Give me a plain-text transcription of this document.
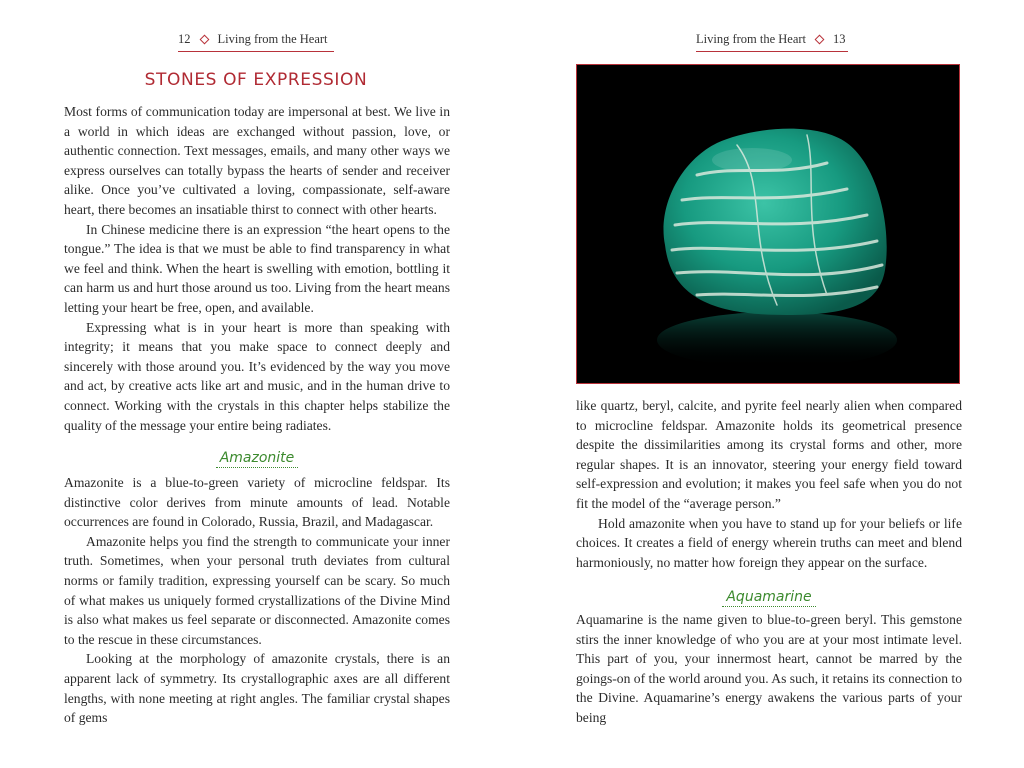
12 Living from the Heart
STONES OF EXPRESSION

Most forms of communication today are impersonal at best. We live in a world in which ideas are exchanged without passion, love, or authentic connection. Text messages, emails, and many other ways we express ourselves can totally bypass the hearts of sender and receiver alike. Once you’ve cultivated a loving, compassionate, self-aware heart, there becomes an insatiable thirst to connect with other hearts.

In Chinese medicine there is an expression “the heart opens to the tongue.” The idea is that we must be able to find transparency in what we feel and think. When the heart is swelling with emotion, bottling it can harm us and hurt those around us too. Living from the heart means letting your heart be free, open, and available.

Expressing what is in your heart is more than speaking with integrity; it means that you make space to connect deeply and sincerely with those around you. It’s evidenced by the way you move and act, by creative acts like art and music, and in the human drive to connect. Working with the crystals in this chapter helps stabilize the quality of the message your entire being radiates.

Amazonite

Amazonite is a blue-to-green variety of microcline feldspar. Its distinctive color derives from minute amounts of lead. Notable occurrences are found in Colorado, Russia, Brazil, and Madagascar.

Amazonite helps you find the strength to communicate your inner truth. Sometimes, when your personal truth deviates from cultural norms or family tradition, expressing yourself can be scary. So much of what makes us uniquely formed crystallizations of the Divine Mind is also what makes us feel separate or disconnected. Amazonite comes to the rescue in these circumstances.

Looking at the morphology of amazonite crystals, there is an apparent lack of symmetry. Its crystallographic axes are all different lengths, with none meeting at right angles. The familiar crystal shapes of gems

Living from the Heart 13

like quartz, beryl, calcite, and pyrite feel nearly alien when compared to microcline feldspar. Amazonite holds its geometrical presence despite the dissimilarities among its crystal forms and other, more regular shapes. It is an innovator, steering your energy field toward self-expression and evolution; it makes you feel safe when you do not fit the model of the “average person.”

Hold amazonite when you have to stand up for your beliefs or life choices. It creates a field of energy wherein truths can meet and blend harmoniously, no matter how foreign they appear on the surface.

Aquamarine

Aquamarine is the name given to blue-to-green beryl. This gemstone stirs the inner knowledge of who you are at your most intimate level. This part of you, your innermost heart, cannot be marred by the goings-on of the world around you. As such, it retains its connection to the Divine. Aquamarine’s energy awakens the various parts of your being
